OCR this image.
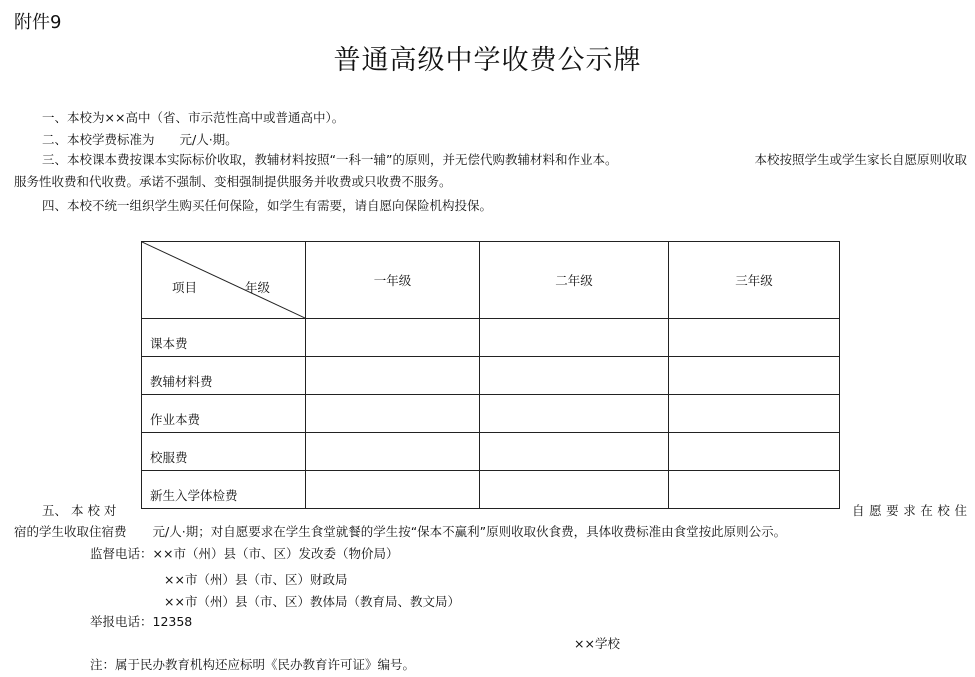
附件9
普通高级中学收费公示牌
一、本校为××高中（省、市示范性高中或普通高中）。
二、本校学费标准为　　元/人·期。
三、本校课本费按课本实际标价收取，教辅材料按照“一科一辅”的原则，并无偿代购教辅材料和作业本。	本校按照学生或学生家长自愿原则收取
服务性收费和代收费。承诺不强制、变相强制提供服务并收费或只收费不服务。
四、本校不统一组织学生购买任何保险，如学生有需要，请自愿向保险机构投保。
项目 年级	一年级	二年级	三年级
课本费			
教辅材料费			
作业本费			
校服费			
新生入学体检费			
五、 本 校 对	自 愿 要 求 在 校 住
宿的学生收取住宿费 元/人·期；对自愿要求在学生食堂就餐的学生按“保本不赢利”原则收取伙食费，具体收费标准由食堂按此原则公示。
监督电话：××市（州）县（市、区）发改委（物价局）
××市（州）县（市、区）财政局
××市（州）县（市、区）教体局（教育局、教文局）
举报电话：12358
××学校
注：属于民办教育机构还应标明《民办教育许可证》编号。
